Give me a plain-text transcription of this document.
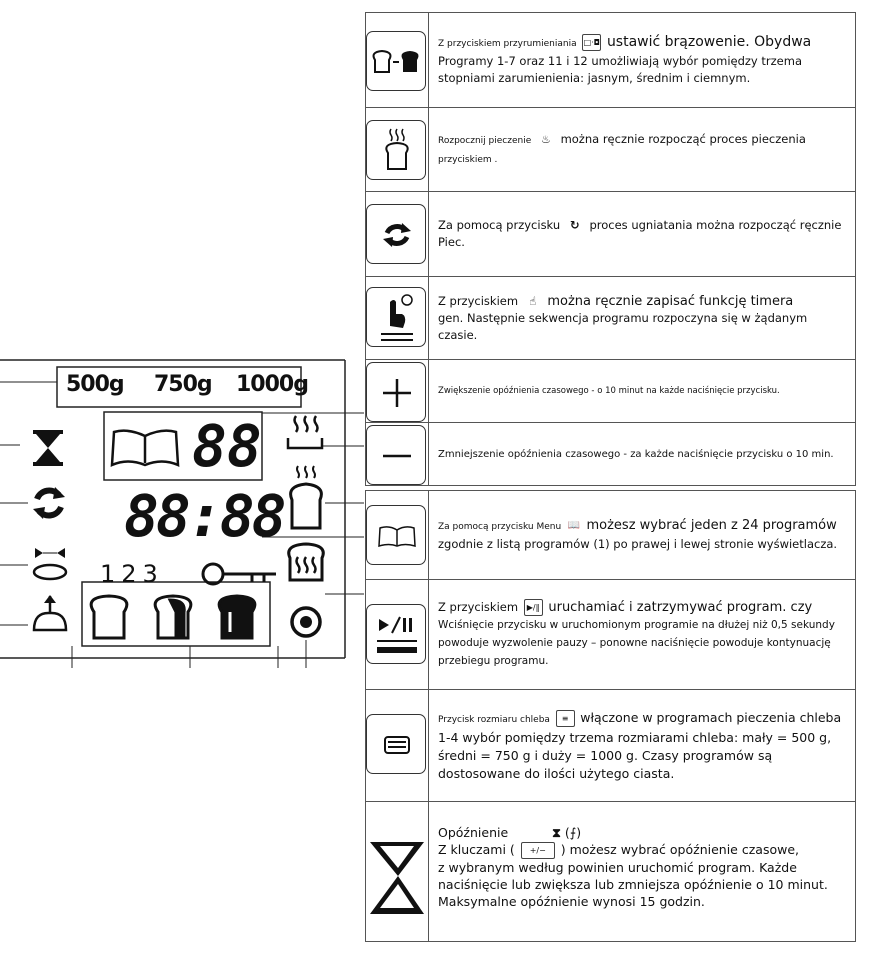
500g 750g 1000g
88
88:88
123

Z przyciskiem przyrumieniania □·◘ ustawić brązowenie. Obydwa
Programy 1-7 oraz 11 i 12 umożliwiają wybór pomiędzy trzema stopniami zarumienienia: jasnym, średnim i ciemnym.

Rozpocznij pieczenie ♨ można ręcznie rozpocząć proces pieczenia
przyciskiem .

Za pomocą przycisku ↻ proces ugniatania można rozpocząć ręcznie
Piec.

Z przyciskiem ☝ można ręcznie zapisać funkcję timera
gen. Następnie sekwencja programu rozpoczyna się w żądanym czasie.

Zwiększenie opóźnienia czasowego - o 10 minut na każde naciśnięcie przycisku.

Zmniejszenie opóźnienia czasowego - za każde naciśnięcie przycisku o 10 min.

Za pomocą przycisku Menu 📖 możesz wybrać jeden z 24 programów
zgodnie z listą programów (1) po prawej i lewej stronie wyświetlacza.

Z przyciskiem ▶/‖ uruchamiać i zatrzymywać program. czy
Wciśnięcie przycisku w uruchomionym programie na dłużej niż 0,5 sekundy powoduje wyzwolenie pauzy – ponowne naciśnięcie powoduje kontynuację przebiegu programu.

Przycisk rozmiaru chleba ≡ włączone w programach pieczenia chleba
1-4 wybór pomiędzy trzema rozmiarami chleba: mały = 500 g, średni = 750 g i duży = 1000 g. Czasy programów są dostosowane do ilości użytego ciasta.

Opóźnienie	⧗ (⨍)
Z kluczami ( +/− ) możesz wybrać opóźnienie czasowe,
z wybranym według powinien uruchomić program. Każde
naciśnięcie lub zwiększa lub zmniejsza opóźnienie o 10 minut.
Maksymalne opóźnienie wynosi 15 godzin.
